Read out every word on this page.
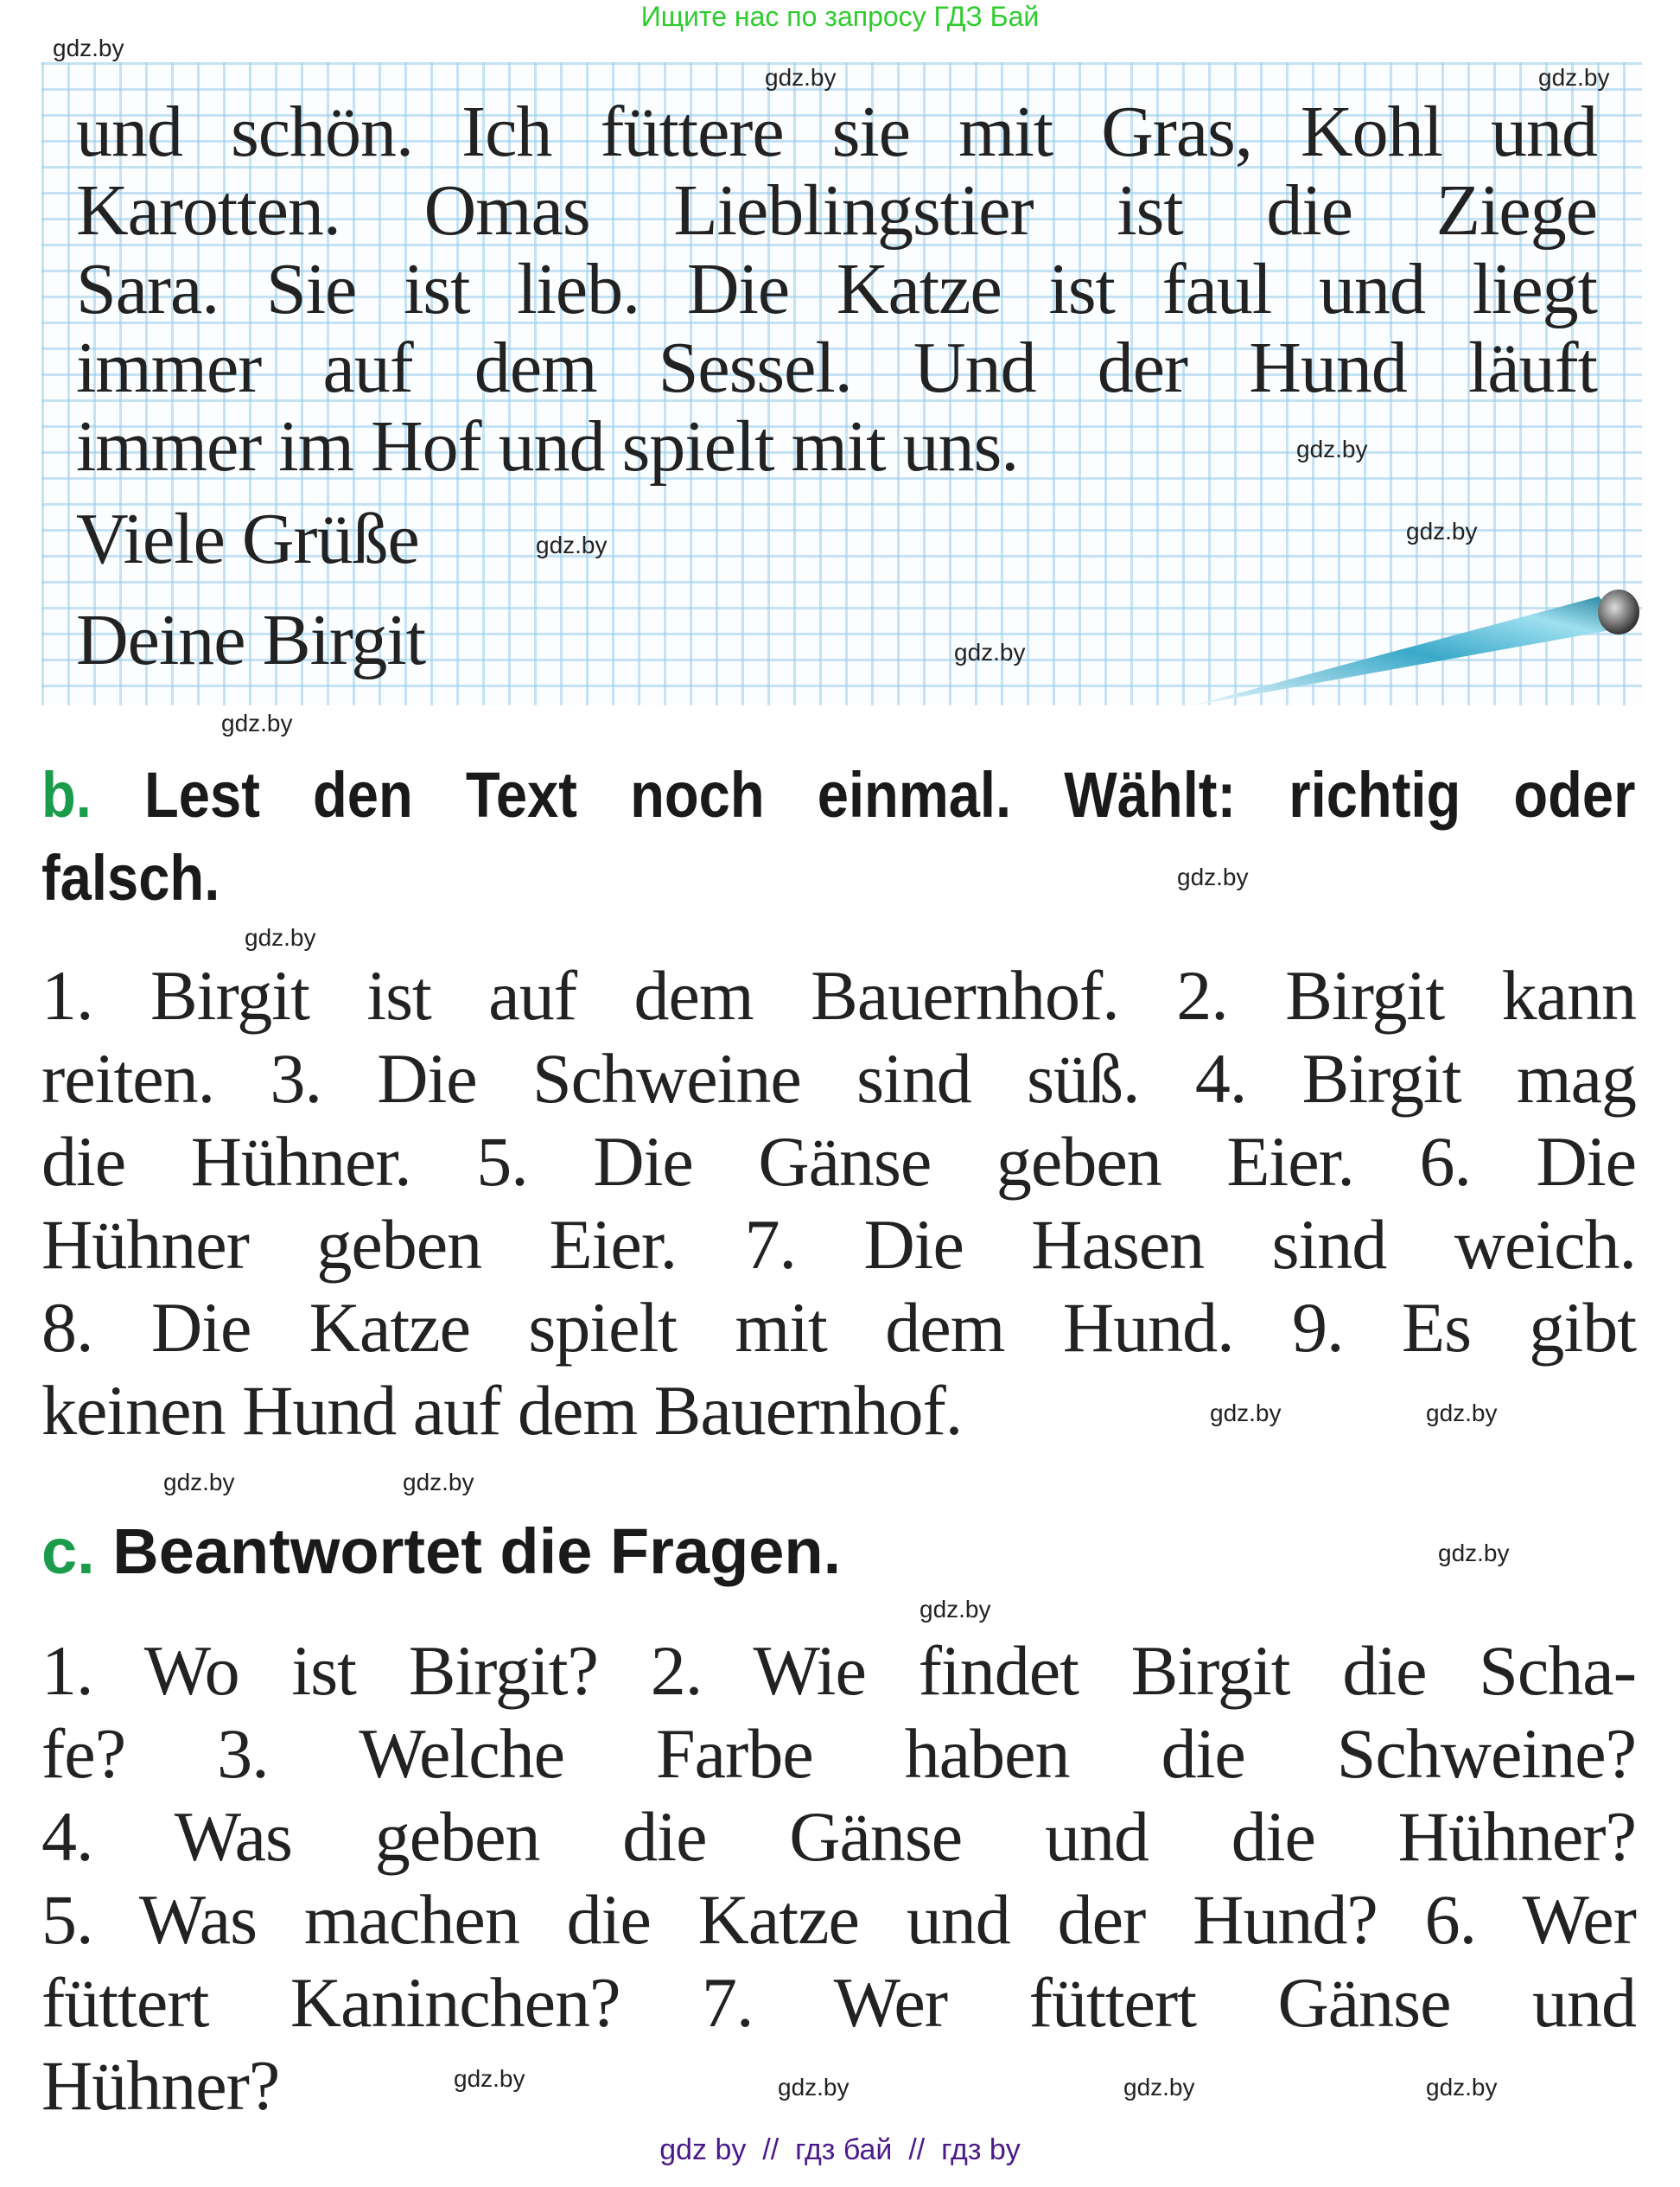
Ищите нас по запросу ГДЗ Бай
und schön. Ich füttere sie mit Gras, Kohl und
Karotten. Omas Lieblingstier ist die Ziege
Sara. Sie ist lieb. Die Katze ist faul und liegt
immer auf dem Sessel. Und der Hund läuft
immer im Hof und spielt mit uns.
Viele Grüße
Deine Birgit
b. Lest den Text noch einmal. Wählt: richtig oder
falsch.
1. Birgit ist auf dem Bauernhof. 2. Birgit kann
reiten. 3. Die Schweine sind süß. 4. Birgit mag
die Hühner. 5. Die Gänse geben Eier. 6. Die
Hühner geben Eier. 7. Die Hasen sind weich.
8. Die Katze spielt mit dem Hund. 9. Es gibt
keinen Hund auf dem Bauernhof.
c. Beantwortet die Fragen.
1. Wo ist Birgit? 2. Wie findet Birgit die Scha-
fe? 3. Welche Farbe haben die Schweine?
4. Was geben die Gänse und die Hühner?
5. Was machen die Katze und der Hund? 6. Wer
füttert Kaninchen? 7. Wer füttert Gänse und
Hühner?
gdz.by
gdz.by	gdz.by
gdz.by
gdz.by
gdz.by
gdz.by
gdz.by
gdz.by
gdz.by
gdz.by	gdz.by
gdz.by	gdz.by
gdz.by
gdz.by
gdz.by	gdz.by	gdz.by
gdz.by
gdz by  //  гдз бай  //  гдз by
